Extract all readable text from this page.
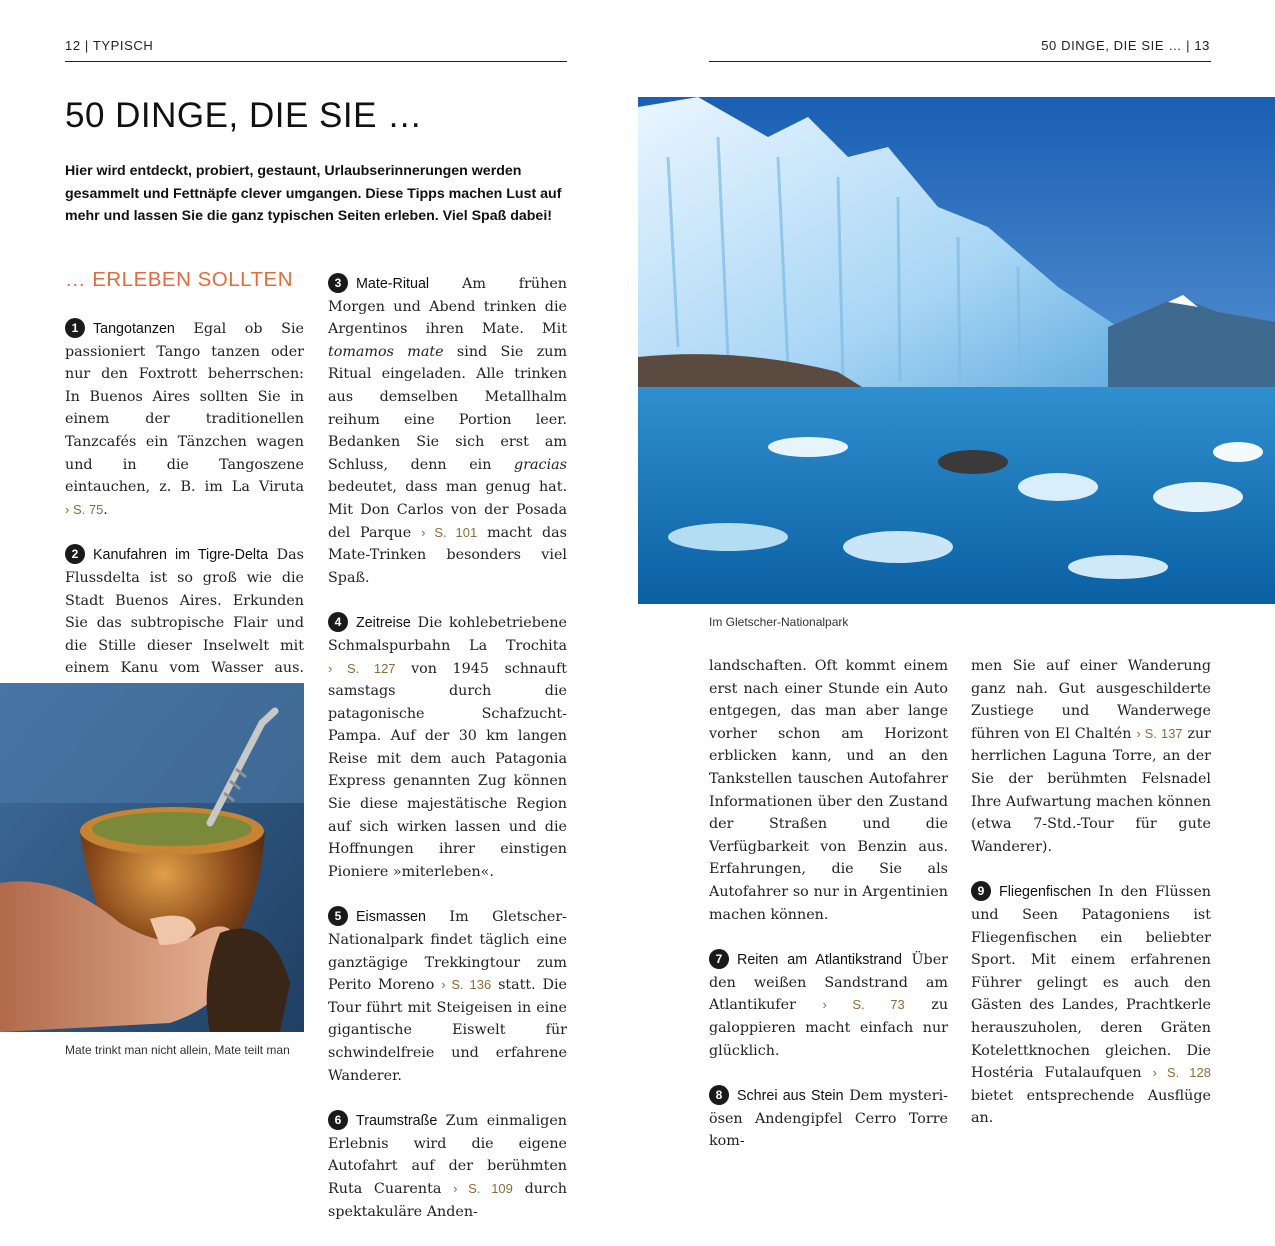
12 | TYPISCH	50 DINGE, DIE SIE … | 13
50 DINGE, DIE SIE …
Hier wird entdeckt, probiert, gestaunt, Urlaubserinnerungen werden gesammelt und Fettnäpfe clever umgangen. Diese Tipps machen Lust auf mehr und lassen Sie die ganz typischen Seiten erleben. Viel Spaß dabei!
… ERLEBEN SOLLTEN

1 Tangotanzen Egal ob Sie passioniert Tango tanzen oder nur den Foxtrott beherrschen: In Buenos Aires sollten Sie in einem der traditionellen Tanzcafés ein Tänzchen wagen und in die Tangoszene eintauchen, z. B. im La Viruta › S. 75.

2 Kanufahren im Tigre-Delta Das Flussdelta ist so groß wie die Stadt Buenos Aires. Erkunden Sie das subtropische Flair und die Stille dieser Inselwelt mit einem Kanu vom Wasser aus.

Mate trinkt man nicht allein, Mate teilt man

3 Mate-Ritual Am frühen Morgen und Abend trinken die Argentinos ihren Mate. Mit tomamos mate sind Sie zum Ritual eingeladen. Alle trinken aus demselben Metallhalm reihum eine Portion leer. Bedanken Sie sich erst am Schluss, denn ein gracias bedeutet, dass man genug hat. Mit Don Carlos von der Posada del Parque › S. 101 macht das Mate-Trinken besonders viel Spaß.

4 Zeitreise Die kohlebetriebene Schmalspurbahn La Trochita › S. 127 von 1945 schnauft samstags durch die patagonische Schafzucht-Pampa. Auf der 30 km langen Reise mit dem auch Patagonia Express genannten Zug können Sie diese majestätische Region auf sich wirken lassen und die Hoffnungen ihrer einstigen Pioniere »miterleben«.

5 Eismassen Im Gletscher-Nationalpark findet täglich eine ganztägige Trekkingtour zum Perito Moreno › S. 136 statt. Die Tour führt mit Steigeisen in eine gigantische Eiswelt für schwindelfreie und erfahrene Wanderer.

6 Traumstraße Zum einmaligen Erlebnis wird die eigene Autofahrt auf der berühmten Ruta Cuarenta › S. 109 durch spektakuläre Anden-

Im Gletscher-Nationalpark

landschaften. Oft kommt einem erst nach einer Stunde ein Auto entgegen, das man aber lange vorher schon am Horizont erblicken kann, und an den Tankstellen tauschen Autofahrer Informationen über den Zustand der Straßen und die Verfügbarkeit von Benzin aus. Erfahrungen, die Sie als Autofahrer so nur in Argentinien machen können.

7 Reiten am Atlantikstrand Über den weißen Sandstrand am Atlantikufer › S. 73 zu galoppieren macht einfach nur glücklich.

8 Schrei aus Stein Dem mysteri-ösen Andengipfel Cerro Torre kom-

men Sie auf einer Wanderung ganz nah. Gut ausgeschilderte Zustiege und Wanderwege führen von El Chaltén › S. 137 zur herrlichen Laguna Torre, an der Sie der berühmten Felsnadel Ihre Aufwartung machen können (etwa 7-Std.-Tour für gute Wanderer).

9 Fliegenfischen In den Flüssen und Seen Patagoniens ist Fliegenfischen ein beliebter Sport. Mit einem erfahrenen Führer gelingt es auch den Gästen des Landes, Prachtkerle herauszuholen, deren Gräten Kotelettknochen gleichen. Die Hostéria Futalaufquen › S. 128 bietet entsprechende Ausflüge an.
